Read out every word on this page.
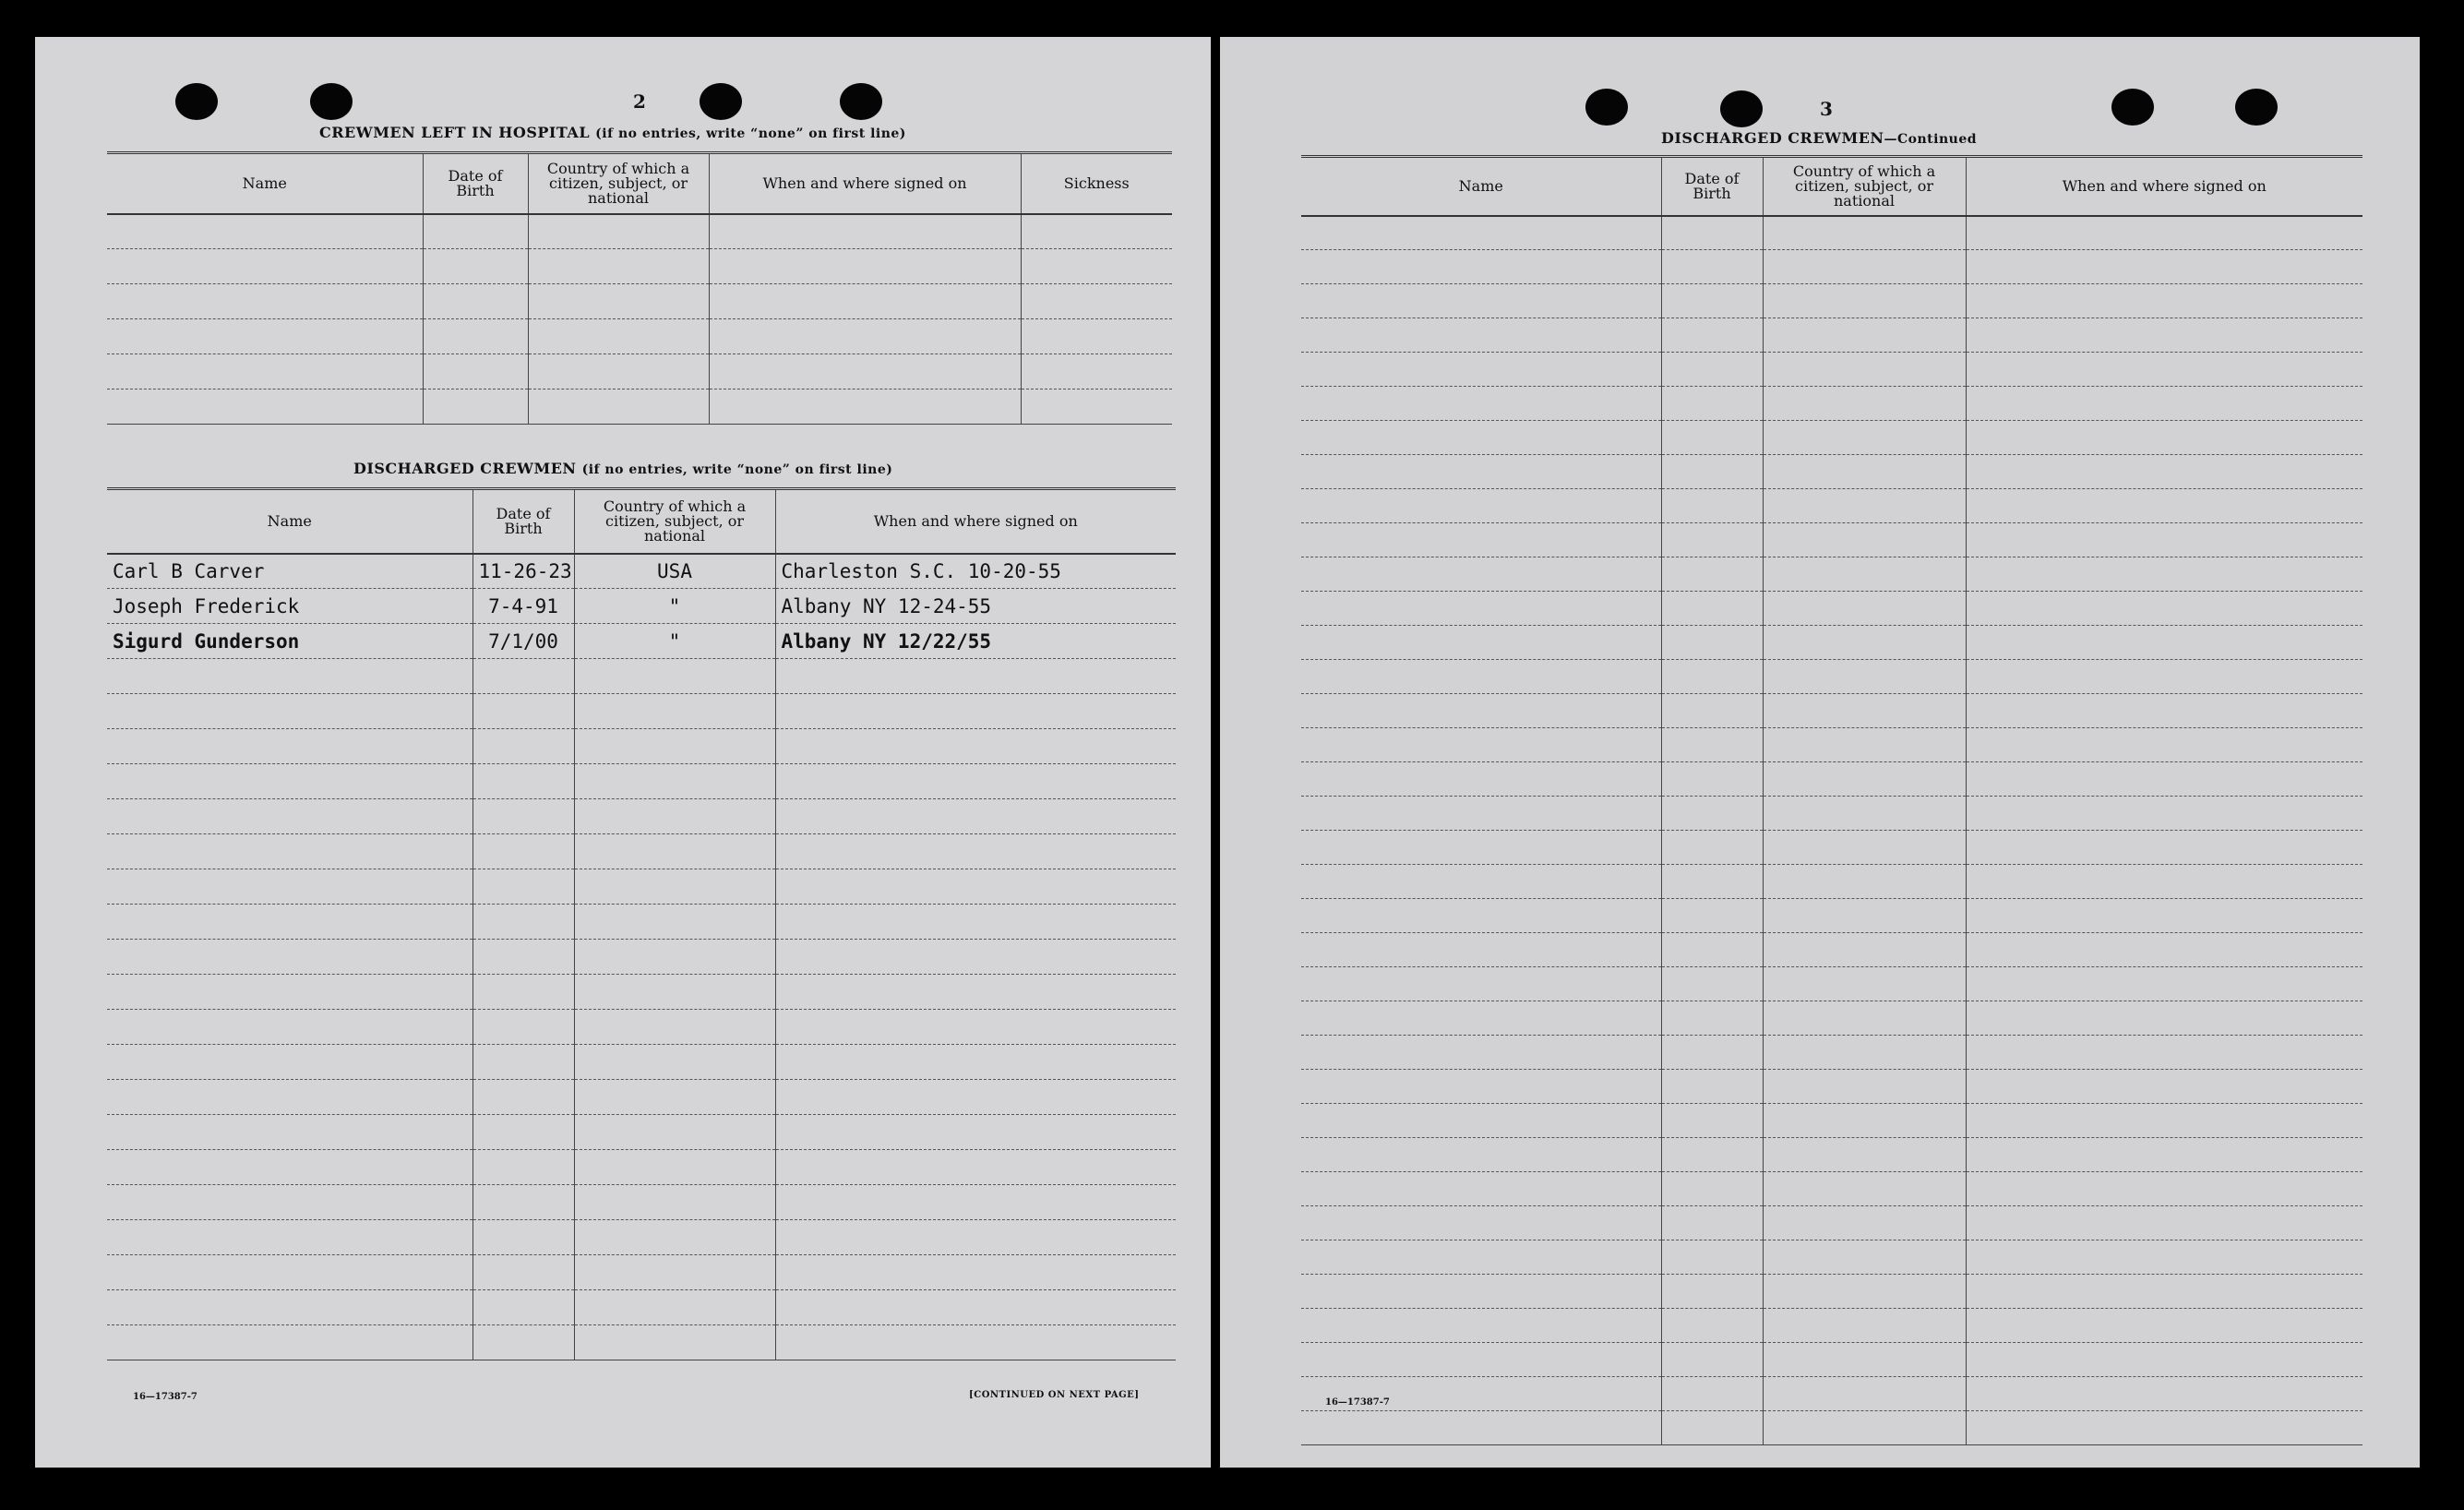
2
CREWMEN LEFT IN HOSPITAL (if no entries, write “none” on first line)
Name	Date of Birth	Country of which a citizen, subject, or national	When and where signed on	Sickness

DISCHARGED CREWMEN (if no entries, write “none” on first line)
Name	Date of Birth	Country of which a citizen, subject, or national	When and where signed on
Carl B Carver	11-26-23	USA	Charleston S.C. 10-20-55
Joseph Frederick	7-4-91	"	Albany NY 12-24-55
Sigurd Gunderson	7/1/00	"	Albany NY 12/22/55

16—17387-7	[CONTINUED ON NEXT PAGE]
3
DISCHARGED CREWMEN—Continued
Name	Date of Birth	Country of which a citizen, subject, or national	When and where signed on

16—17387-7
